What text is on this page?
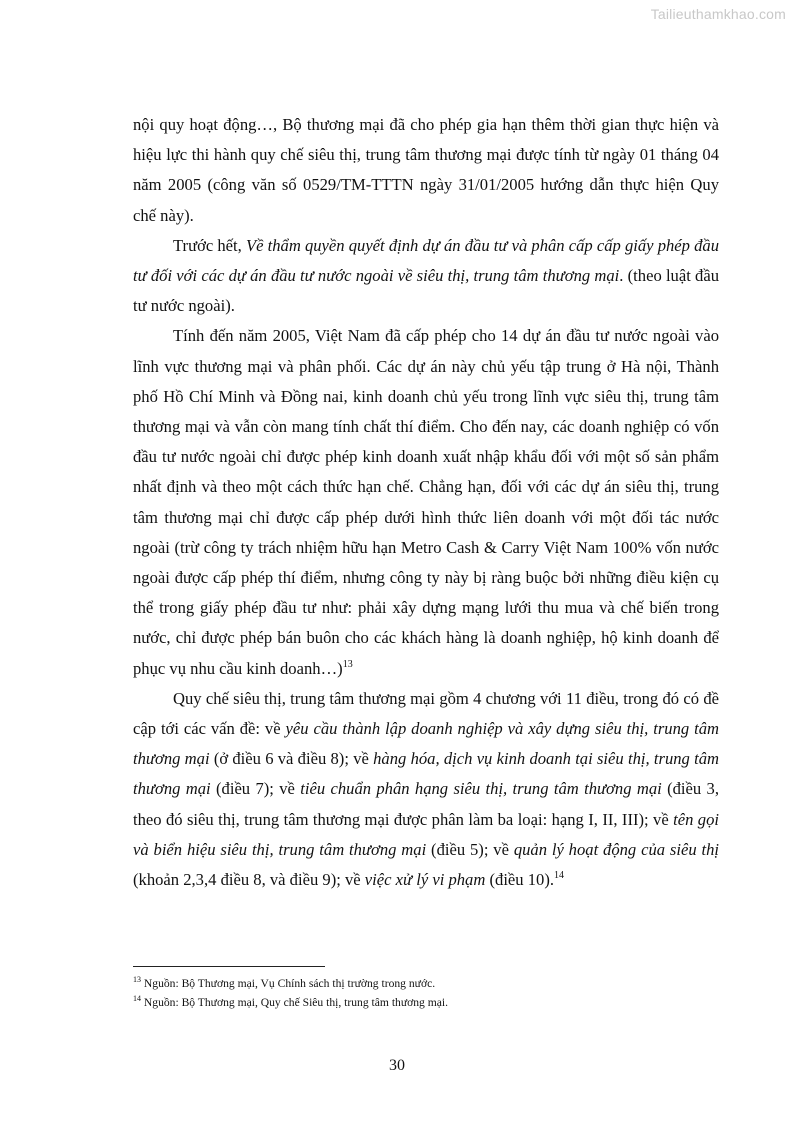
Tailieuthamkhao.com

nội quy hoạt động…, Bộ thương mại đã cho phép gia hạn thêm thời gian thực hiện và hiệu lực thi hành quy chế siêu thị, trung tâm thương mại được tính từ ngày 01 tháng 04 năm 2005 (công văn số 0529/TM-TTTN ngày 31/01/2005 hướng dẫn thực hiện Quy chế này).

Trước hết, Về thẩm quyền quyết định dự án đầu tư và phân cấp cấp giấy phép đầu tư đối với các dự án đầu tư nước ngoài về siêu thị, trung tâm thương mại. (theo luật đầu tư nước ngoài).

Tính đến năm 2005, Việt Nam đã cấp phép cho 14 dự án đầu tư nước ngoài vào lĩnh vực thương mại và phân phối. Các dự án này chủ yếu tập trung ở Hà nội, Thành phố Hồ Chí Minh và Đồng nai, kinh doanh chủ yếu trong lĩnh vực siêu thị, trung tâm thương mại và vẫn còn mang tính chất thí điểm. Cho đến nay, các doanh nghiệp có vốn đầu tư nước ngoài chỉ được phép kinh doanh xuất nhập khẩu đối với một số sản phẩm nhất định và theo một cách thức hạn chế. Chẳng hạn, đối với các dự án siêu thị, trung tâm thương mại chỉ được cấp phép dưới hình thức liên doanh với một đối tác nước ngoài (trừ công ty trách nhiệm hữu hạn Metro Cash & Carry Việt Nam 100% vốn nước ngoài được cấp phép thí điểm, nhưng công ty này bị ràng buộc bởi những điều kiện cụ thể trong giấy phép đầu tư như: phải xây dựng mạng lưới thu mua và chế biến trong nước, chỉ được phép bán buôn cho các khách hàng là doanh nghiệp, hộ kinh doanh để phục vụ nhu cầu kinh doanh…)$^{13}$

Quy chế siêu thị, trung tâm thương mại gồm 4 chương với 11 điều, trong đó có đề cập tới các vấn đề: về yêu cầu thành lập doanh nghiệp và xây dựng siêu thị, trung tâm thương mại (ở điều 6 và điều 8); về hàng hóa, dịch vụ kinh doanh tại siêu thị, trung tâm thương mại (điều 7); về tiêu chuẩn phân hạng siêu thị, trung tâm thương mại (điều 3, theo đó siêu thị, trung tâm thương mại được phân làm ba loại: hạng I, II, III); về tên gọi và biển hiệu siêu thị, trung tâm thương mại (điều 5); về quản lý hoạt động của siêu thị (khoản 2,3,4 điều 8, và điều 9); về việc xử lý vi phạm (điều 10).$^{14}$

$^{13}$ Nguồn: Bộ Thương mại, Vụ Chính sách thị trường trong nước.
$^{14}$ Nguồn: Bộ Thương mại, Quy chế Siêu thị, trung tâm thương mại.
30
